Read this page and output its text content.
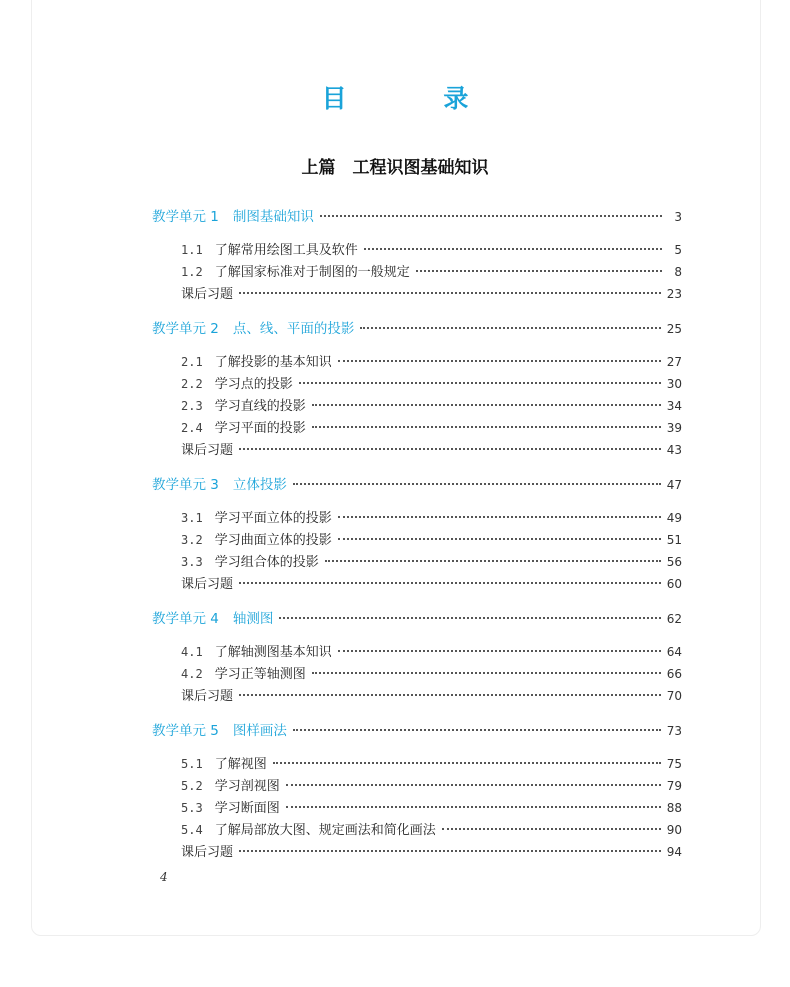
目 录
上篇　工程识图基础知识
教学单元 1 制图基础知识	3
1.1 了解常用绘图工具及软件	5
1.2 了解国家标准对于制图的一般规定	8
课后习题	23
教学单元 2 点、线、平面的投影	25
2.1 了解投影的基本知识	27
2.2 学习点的投影	30
2.3 学习直线的投影	34
2.4 学习平面的投影	39
课后习题	43
教学单元 3 立体投影	47
3.1 学习平面立体的投影	49
3.2 学习曲面立体的投影	51
3.3 学习组合体的投影	56
课后习题	60
教学单元 4 轴测图	62
4.1 了解轴测图基本知识	64
4.2 学习正等轴测图	66
课后习题	70
教学单元 5 图样画法	73
5.1 了解视图	75
5.2 学习剖视图	79
5.3 学习断面图	88
5.4 了解局部放大图、规定画法和简化画法	90
课后习题	94
4
